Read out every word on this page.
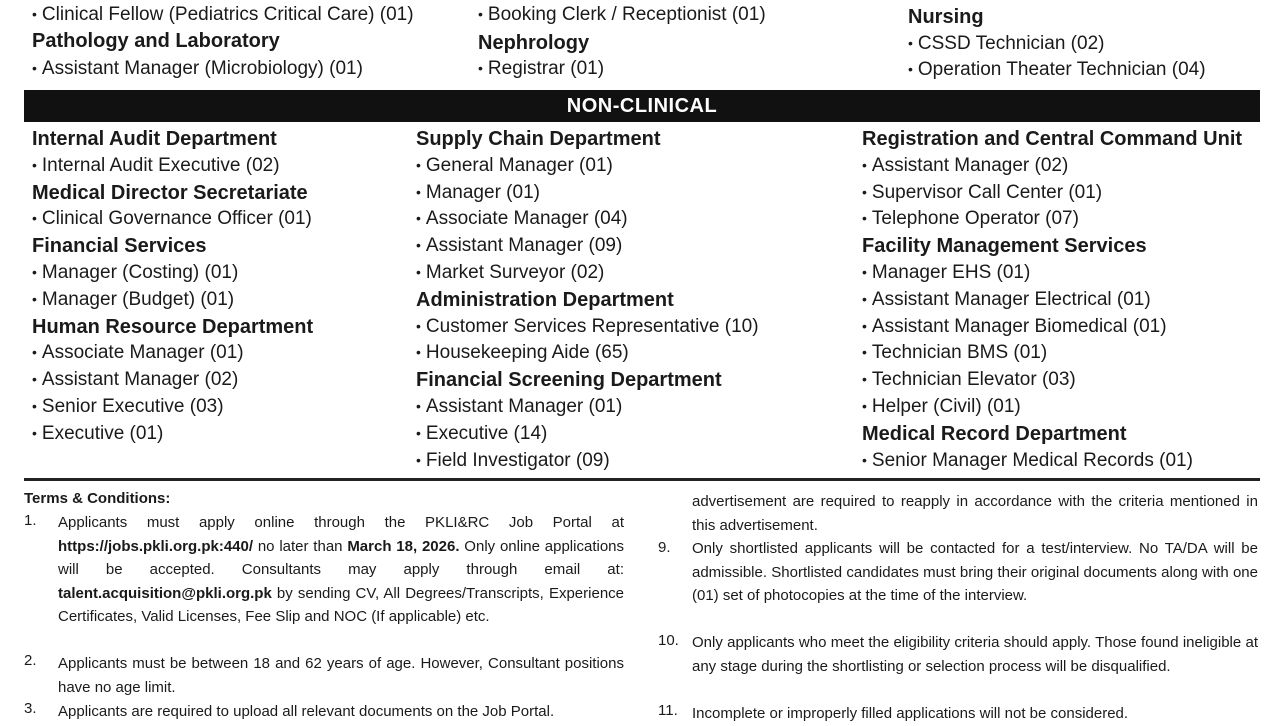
• Clinical Fellow (Pediatrics Critical Care) (01)
Pathology and Laboratory
• Assistant Manager (Microbiology) (01)
• Booking Clerk / Receptionist (01)
Nephrology
• Registrar (01)
Nursing
• CSSD Technician (02)
• Operation Theater Technician (04)
NON-CLINICAL
Internal Audit Department
• Internal Audit Executive (02)
Medical Director Secretariate
• Clinical Governance Officer (01)
Financial Services
• Manager (Costing) (01)
• Manager (Budget) (01)
Human Resource Department
• Associate Manager (01)
• Assistant Manager (02)
• Senior Executive (03)
• Executive (01)
Supply Chain Department
• General Manager (01)
• Manager (01)
• Associate Manager (04)
• Assistant Manager (09)
• Market Surveyor (02)
Administration Department
• Customer Services Representative (10)
• Housekeeping Aide (65)
Financial Screening Department
• Assistant Manager (01)
• Executive (14)
• Field Investigator (09)
Registration and Central Command Unit
• Assistant Manager (02)
• Supervisor Call Center (01)
• Telephone Operator (07)
Facility Management Services
• Manager EHS (01)
• Assistant Manager Electrical (01)
• Assistant Manager Biomedical (01)
• Technician BMS (01)
• Technician Elevator (03)
• Helper (Civil) (01)
Medical Record Department
• Senior Manager Medical Records (01)
Terms & Conditions:
1. Applicants must apply online through the PKLI&RC Job Portal at https://jobs.pkli.org.pk:440/ no later than March 18, 2026. Only online applications will be accepted. Consultants may apply through email at: talent.acquisition@pkli.org.pk by sending CV, All Degrees/Transcripts, Experience Certificates, Valid Licenses, Fee Slip and NOC (If applicable) etc.
2. Applicants must be between 18 and 62 years of age. However, Consultant positions have no age limit.
3. Applicants are required to upload all relevant documents on the Job Portal.
advertisement are required to reapply in accordance with the criteria mentioned in this advertisement.
9. Only shortlisted applicants will be contacted for a test/interview. No TA/DA will be admissible. Shortlisted candidates must bring their original documents along with one (01) set of photocopies at the time of the interview.
10. Only applicants who meet the eligibility criteria should apply. Those found ineligible at any stage during the shortlisting or selection process will be disqualified.
11. Incomplete or improperly filled applications will not be considered.
